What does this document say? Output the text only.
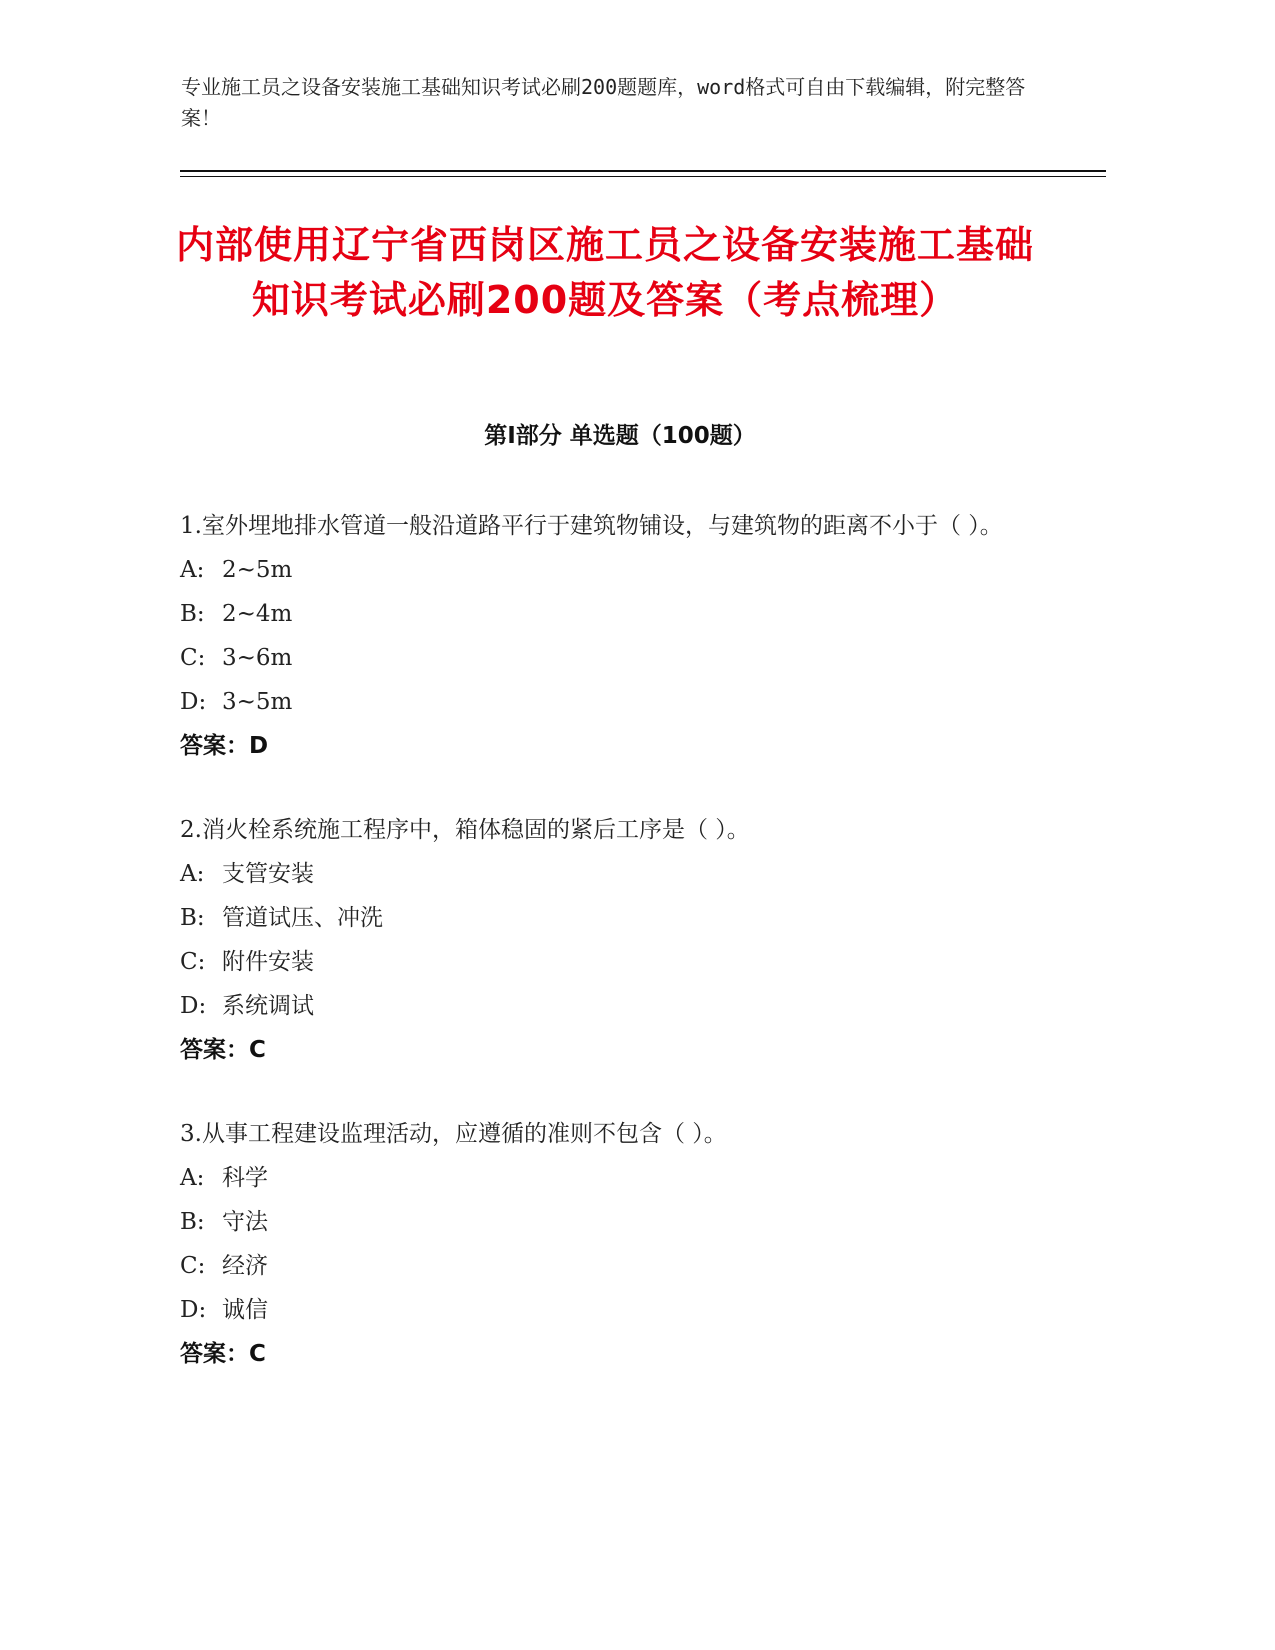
专业施工员之设备安装施工基础知识考试必刷200题题库，word格式可自由下载编辑，附完整答案！
内部使用辽宁省西岗区施工员之设备安装施工基础知识考试必刷200题及答案（考点梳理）
第Ⅰ部分 单选题（100题）
1.室外埋地排水管道一般沿道路平行于建筑物铺设，与建筑物的距离不小于（ ）。
A: 2~5m
B: 2~4m
C: 3~6m
D: 3~5m
答案：D
2.消火栓系统施工程序中，箱体稳固的紧后工序是（ ）。
A: 支管安装
B: 管道试压、冲洗
C: 附件安装
D: 系统调试
答案：C
3.从事工程建设监理活动，应遵循的准则不包含（ ）。
A: 科学
B: 守法
C: 经济
D: 诚信
答案：C
